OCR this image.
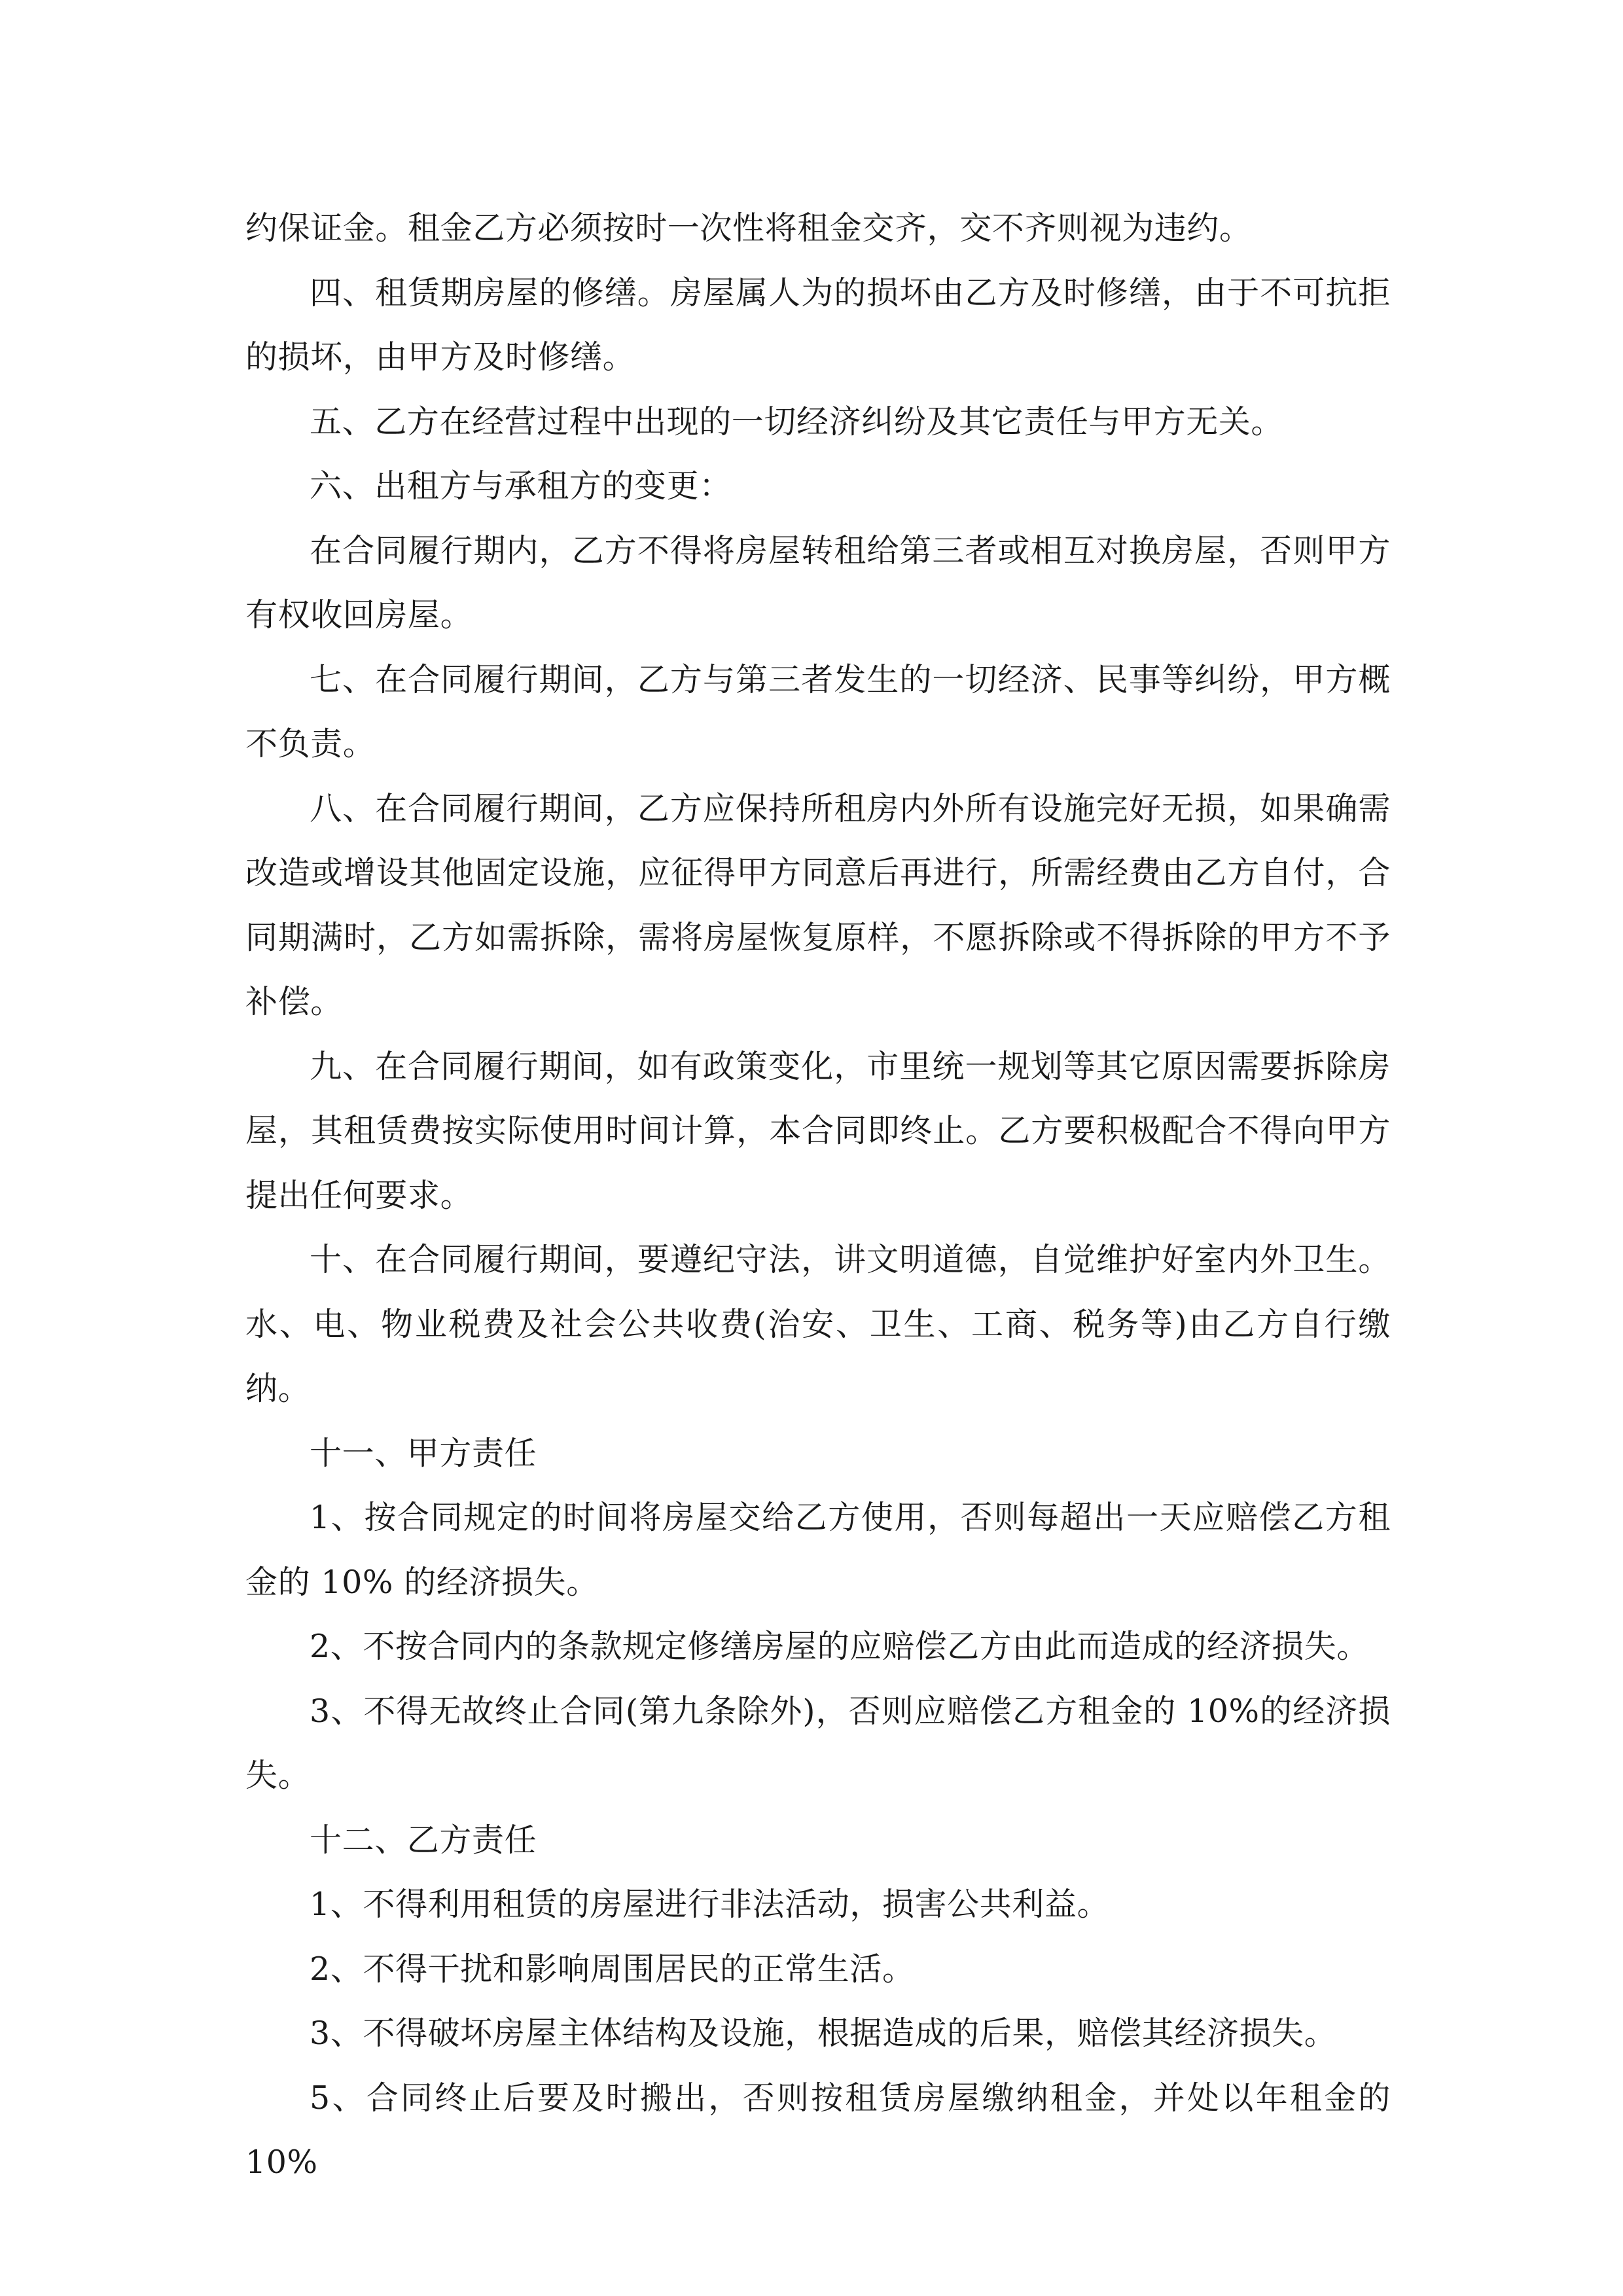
约保证金。租金乙方必须按时一次性将租金交齐，交不齐则视为违约。

四、租赁期房屋的修缮。房屋属人为的损坏由乙方及时修缮，由于不可抗拒的损坏，由甲方及时修缮。

五、乙方在经营过程中出现的一切经济纠纷及其它责任与甲方无关。

六、出租方与承租方的变更：

在合同履行期内，乙方不得将房屋转租给第三者或相互对换房屋，否则甲方有权收回房屋。

七、在合同履行期间，乙方与第三者发生的一切经济、民事等纠纷，甲方概不负责。

八、在合同履行期间，乙方应保持所租房内外所有设施完好无损，如果确需改造或增设其他固定设施，应征得甲方同意后再进行，所需经费由乙方自付，合同期满时，乙方如需拆除，需将房屋恢复原样，不愿拆除或不得拆除的甲方不予补偿。

九、在合同履行期间，如有政策变化，市里统一规划等其它原因需要拆除房屋，其租赁费按实际使用时间计算，本合同即终止。乙方要积极配合不得向甲方提出任何要求。

十、在合同履行期间，要遵纪守法，讲文明道德，自觉维护好室内外卫生。水、电、物业税费及社会公共收费(治安、卫生、工商、税务等)由乙方自行缴纳。

十一、甲方责任

1、按合同规定的时间将房屋交给乙方使用，否则每超出一天应赔偿乙方租金的 10% 的经济损失。

2、不按合同内的条款规定修缮房屋的应赔偿乙方由此而造成的经济损失。

3、不得无故终止合同(第九条除外)，否则应赔偿乙方租金的 10%的经济损失。

十二、乙方责任

1、不得利用租赁的房屋进行非法活动，损害公共利益。

2、不得干扰和影响周围居民的正常生活。

3、不得破坏房屋主体结构及设施，根据造成的后果，赔偿其经济损失。

5、合同终止后要及时搬出，否则按租赁房屋缴纳租金，并处以年租金的 10%
